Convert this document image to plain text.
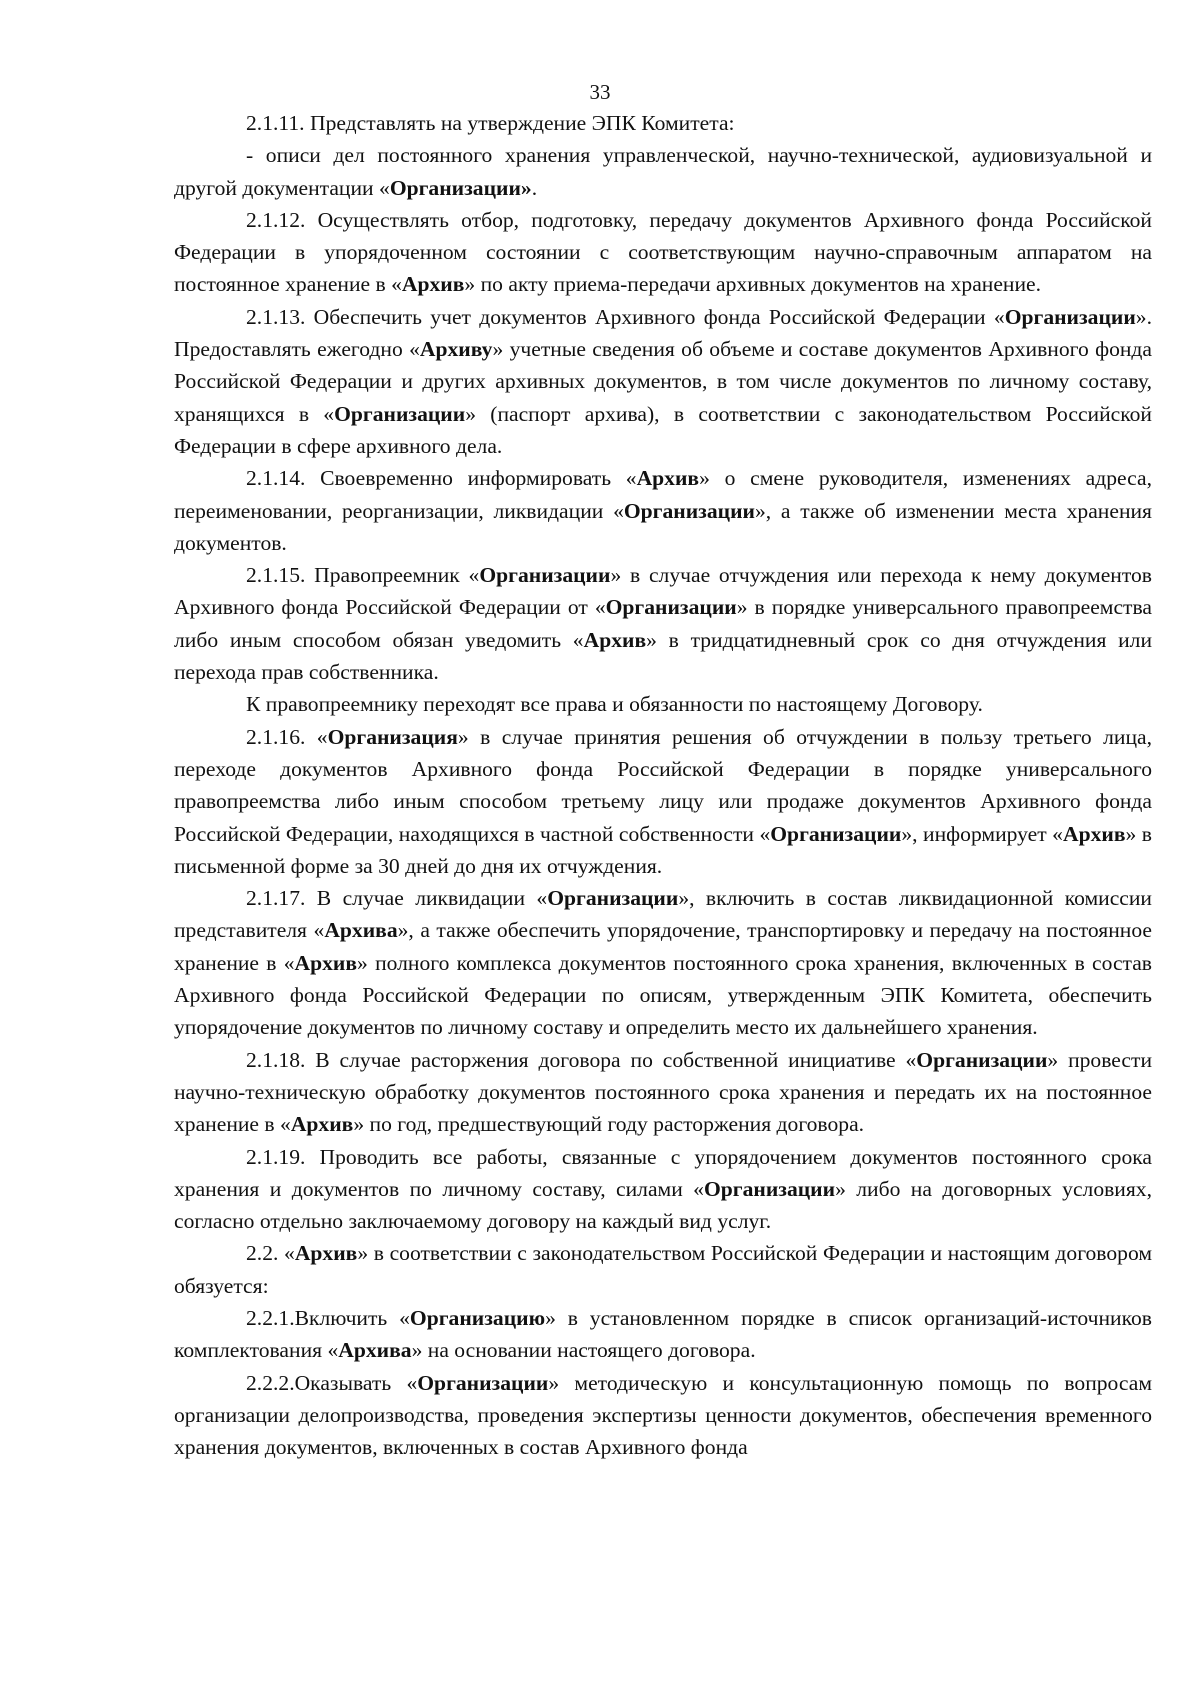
33

2.1.11. Представлять на утверждение ЭПК Комитета:

- описи дел постоянного хранения управленческой, научно-технической, аудиовизуальной и другой документации «Организации».

2.1.12. Осуществлять отбор, подготовку, передачу документов Архивного фонда Российской Федерации в упорядоченном состоянии с соответствующим научно-справочным аппаратом на постоянное хранение в «Архив» по акту приема-передачи архивных документов на хранение.

2.1.13. Обеспечить учет документов Архивного фонда Российской Федерации «Организации». Предоставлять ежегодно «Архиву» учетные сведения об объеме и составе документов Архивного фонда Российской Федерации и других архивных документов, в том числе документов по личному составу, хранящихся в «Организации» (паспорт архива), в соответствии с законодательством Российской Федерации в сфере архивного дела.

2.1.14. Своевременно информировать «Архив» о смене руководителя, изменениях адреса, переименовании, реорганизации, ликвидации «Организации», а также об изменении места хранения документов.

2.1.15. Правопреемник «Организации» в случае отчуждения или перехода к нему документов Архивного фонда Российской Федерации от «Организации» в порядке универсального правопреемства либо иным способом обязан уведомить «Архив» в тридцатидневный срок со дня отчуждения или перехода прав собственника.

К правопреемнику переходят все права и обязанности по настоящему Договору.

2.1.16. «Организация» в случае принятия решения об отчуждении в пользу третьего лица, переходе документов Архивного фонда Российской Федерации в порядке универсального правопреемства либо иным способом третьему лицу или продаже документов Архивного фонда Российской Федерации, находящихся в частной собственности «Организации», информирует «Архив» в письменной форме за 30 дней до дня их отчуждения.

2.1.17. В случае ликвидации «Организации», включить в состав ликвидационной комиссии представителя «Архива», а также обеспечить упорядочение, транспортировку и передачу на постоянное хранение в «Архив» полного комплекса документов постоянного срока хранения, включенных в состав Архивного фонда Российской Федерации по описям, утвержденным ЭПК Комитета, обеспечить упорядочение документов по личному составу и определить место их дальнейшего хранения.

2.1.18. В случае расторжения договора по собственной инициативе «Организации» провести научно-техническую обработку документов постоянного срока хранения и передать их на постоянное хранение в «Архив» по год, предшествующий году расторжения договора.

2.1.19. Проводить все работы, связанные с упорядочением документов постоянного срока хранения и документов по личному составу, силами «Организации» либо на договорных условиях, согласно отдельно заключаемому договору на каждый вид услуг.

2.2. «Архив» в соответствии с законодательством Российской Федерации и настоящим договором обязуется:

2.2.1.Включить «Организацию» в установленном порядке в список организаций-источников комплектования «Архива» на основании настоящего договора.

2.2.2.Оказывать «Организации» методическую и консультационную помощь по вопросам организации делопроизводства, проведения экспертизы ценности документов, обеспечения временного хранения документов, включенных в состав Архивного фонда
